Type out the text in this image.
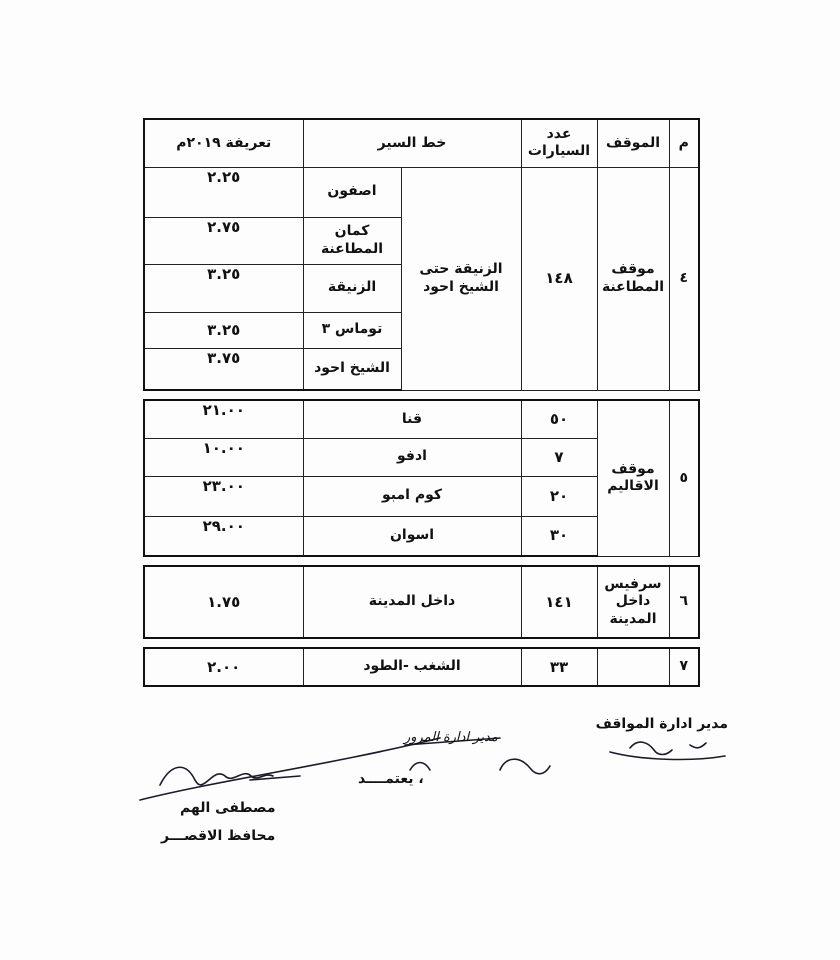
م	الموقف	عدد السيارات	خط السير		تعريفة ٢٠١٩م
٤	موقف المطاعنة	١٤٨	الزنيقة حتى الشيخ احود	اصفون	٢.٢٥
				كمان المطاعنة	٢.٧٥
				الزنيقة	٣.٢٥
				توماس ٣	٣.٢٥
				الشيخ احود	٣.٧٥

٥	موقف الاقاليم	٥٠	قنا		٢١.٠٠
		٧	ادفو		١٠.٠٠
		٢٠	كوم امبو		٢٣.٠٠
		٣٠	اسوان		٢٩.٠٠

٦	سرفيس داخل المدينة	١٤١	داخل المدينة		١.٧٥

٧		٣٣	الشغب -الطود		٢.٠٠
مدير ادارة المواقف
مدير ادارة المرور
يعتمــــد ،
مصطفى الهم
محافظ الاقصـــر
